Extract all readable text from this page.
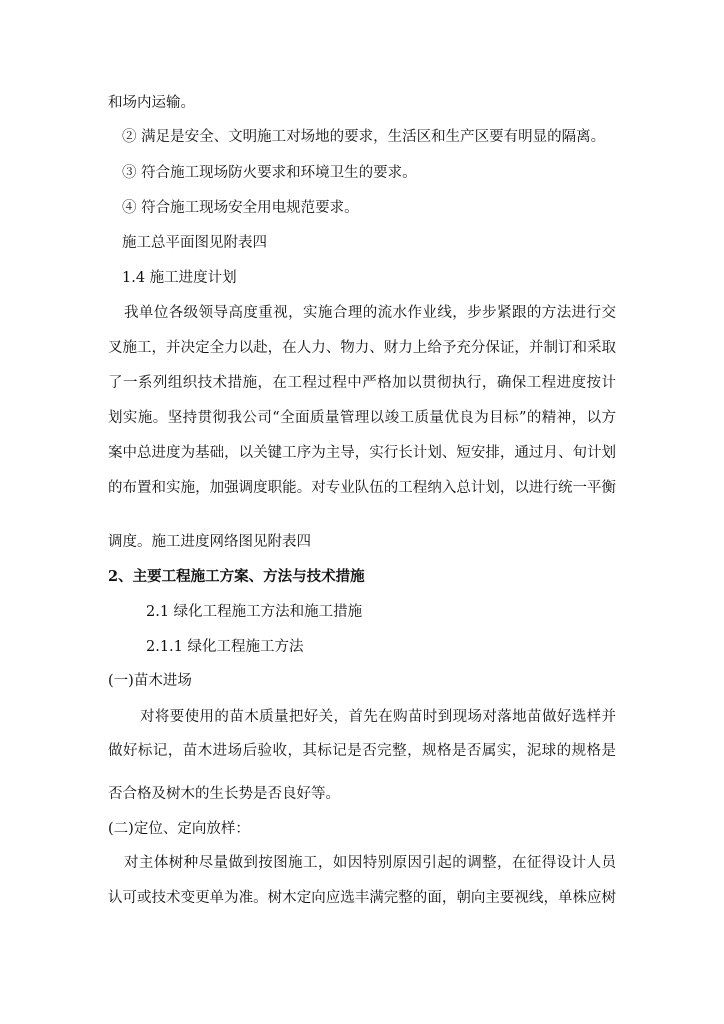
和场内运输。
② 满足是安全、文明施工对场地的要求，生活区和生产区要有明显的隔离。
③ 符合施工现场防火要求和环境卫生的要求。
④ 符合施工现场安全用电规范要求。
施工总平面图见附表四
1.4 施工进度计划
我单位各级领导高度重视，实施合理的流水作业线，步步紧跟的方法进行交
叉施工，并决定全力以赴，在人力、物力、财力上给予充分保证，并制订和采取
了一系列组织技术措施，在工程过程中严格加以贯彻执行，确保工程进度按计
划实施。坚持贯彻我公司“全面质量管理以竣工质量优良为目标”的精神，以方
案中总进度为基础，以关键工序为主导，实行长计划、短安排，通过月、旬计划
的布置和实施，加强调度职能。对专业队伍的工程纳入总计划，以进行统一平衡
调度。施工进度网络图见附表四
2、主要工程施工方案、方法与技术措施
2.1 绿化工程施工方法和施工措施
2.1.1 绿化工程施工方法
(一)苗木进场
对将要使用的苗木质量把好关，首先在购苗时到现场对落地苗做好选样并
做好标记，苗木进场后验收，其标记是否完整，规格是否属实，泥球的规格是
否合格及树木的生长势是否良好等。
(二)定位、定向放样：
对主体树种尽量做到按图施工，如因特别原因引起的调整，在征得设计人员
认可或技术变更单为准。树木定向应选丰满完整的面，朝向主要视线，单株应树
